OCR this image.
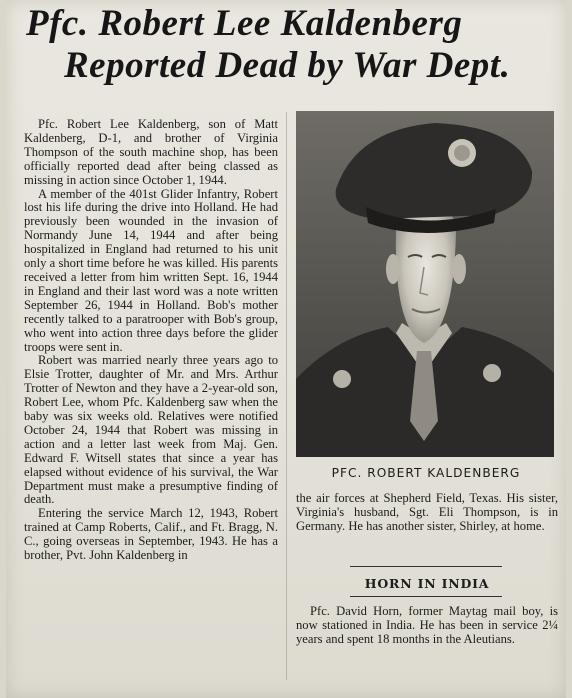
Pfc. Robert Lee Kaldenberg
Reported Dead by War Dept.

Pfc. Robert Lee Kaldenberg, son of Matt Kaldenberg, D-1, and brother of Virginia Thompson of the south machine shop, has been officially reported dead after being classed as missing in action since October 1, 1944.

A member of the 401st Glider Infantry, Robert lost his life during the drive into Holland. He had previously been wounded in the invasion of Normandy June 14, 1944 and after being hospitalized in England had returned to his unit only a short time before he was killed. His parents received a letter from him written Sept. 16, 1944 in England and their last word was a note written September 26, 1944 in Holland. Bob's mother recently talked to a paratrooper with Bob's group, who went into action three days before the glider troops were sent in.

Robert was married nearly three years ago to Elsie Trotter, daughter of Mr. and Mrs. Arthur Trotter of Newton and they have a 2-year-old son, Robert Lee, whom Pfc. Kaldenberg saw when the baby was six weeks old. Relatives were notified October 24, 1944 that Robert was missing in action and a letter last week from Maj. Gen. Edward F. Witsell states that since a year has elapsed without evidence of his survival, the War Department must make a presumptive finding of death.

Entering the service March 12, 1943, Robert trained at Camp Roberts, Calif., and Ft. Bragg, N. C., going overseas in September, 1943. He has a brother, Pvt. John Kaldenberg in

PFC. ROBERT KALDENBERG

the air forces at Shepherd Field, Texas. His sister, Virginia's husband, Sgt. Eli Thompson, is in Germany. He has another sister, Shirley, at home.

HORN IN INDIA

Pfc. David Horn, former Maytag mail boy, is now stationed in India. He has been in service 2¼ years and spent 18 months in the Aleutians.
